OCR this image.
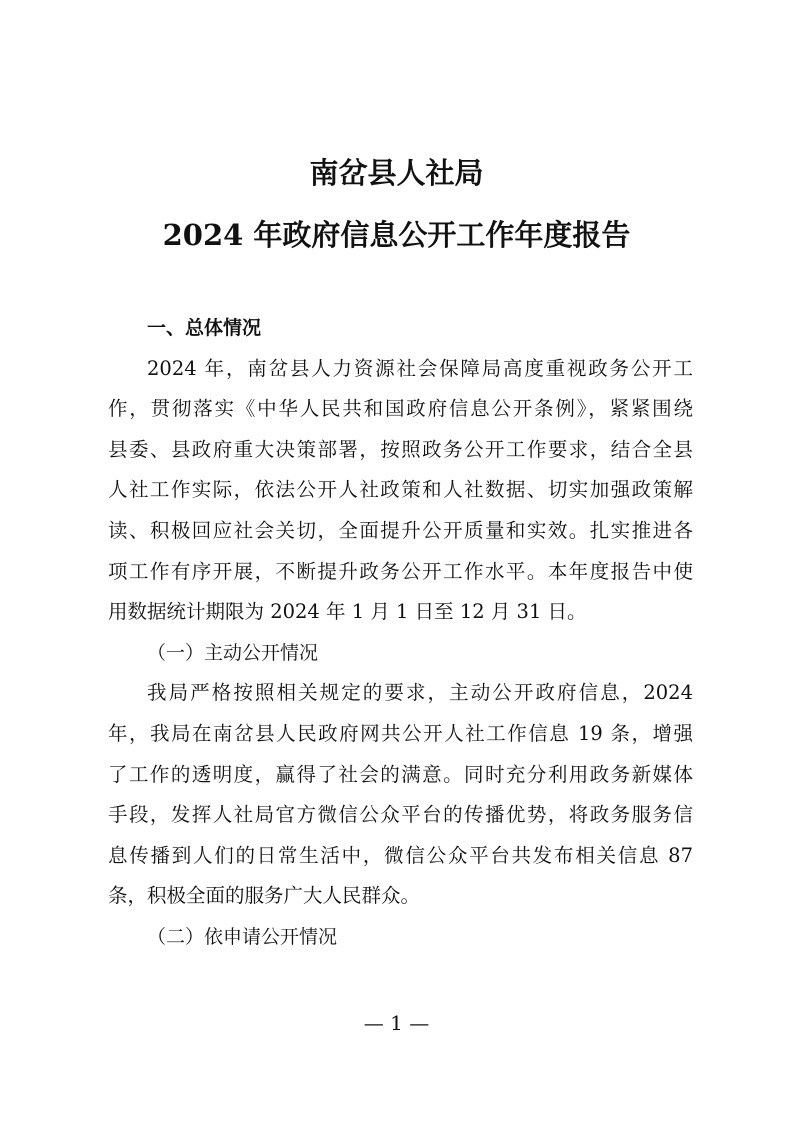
南岔县人社局
2024 年政府信息公开工作年度报告
一、总体情况
2024 年，南岔县人力资源社会保障局高度重视政务公开工
作，贯彻落实《中华人民共和国政府信息公开条例》，紧紧围绕
县委、县政府重大决策部署，按照政务公开工作要求，结合全县
人社工作实际，依法公开人社政策和人社数据、切实加强政策解
读、积极回应社会关切，全面提升公开质量和实效。扎实推进各
项工作有序开展，不断提升政务公开工作水平。本年度报告中使
用数据统计期限为 2024 年 1 月 1 日至 12 月 31 日。
（一）主动公开情况
我局严格按照相关规定的要求，主动公开政府信息，2024
年，我局在南岔县人民政府网共公开人社工作信息 19 条，增强
了工作的透明度，赢得了社会的满意。同时充分利用政务新媒体
手段，发挥人社局官方微信公众平台的传播优势，将政务服务信
息传播到人们的日常生活中，微信公众平台共发布相关信息 87
条，积极全面的服务广大人民群众。
（二）依申请公开情况
— 1 —
